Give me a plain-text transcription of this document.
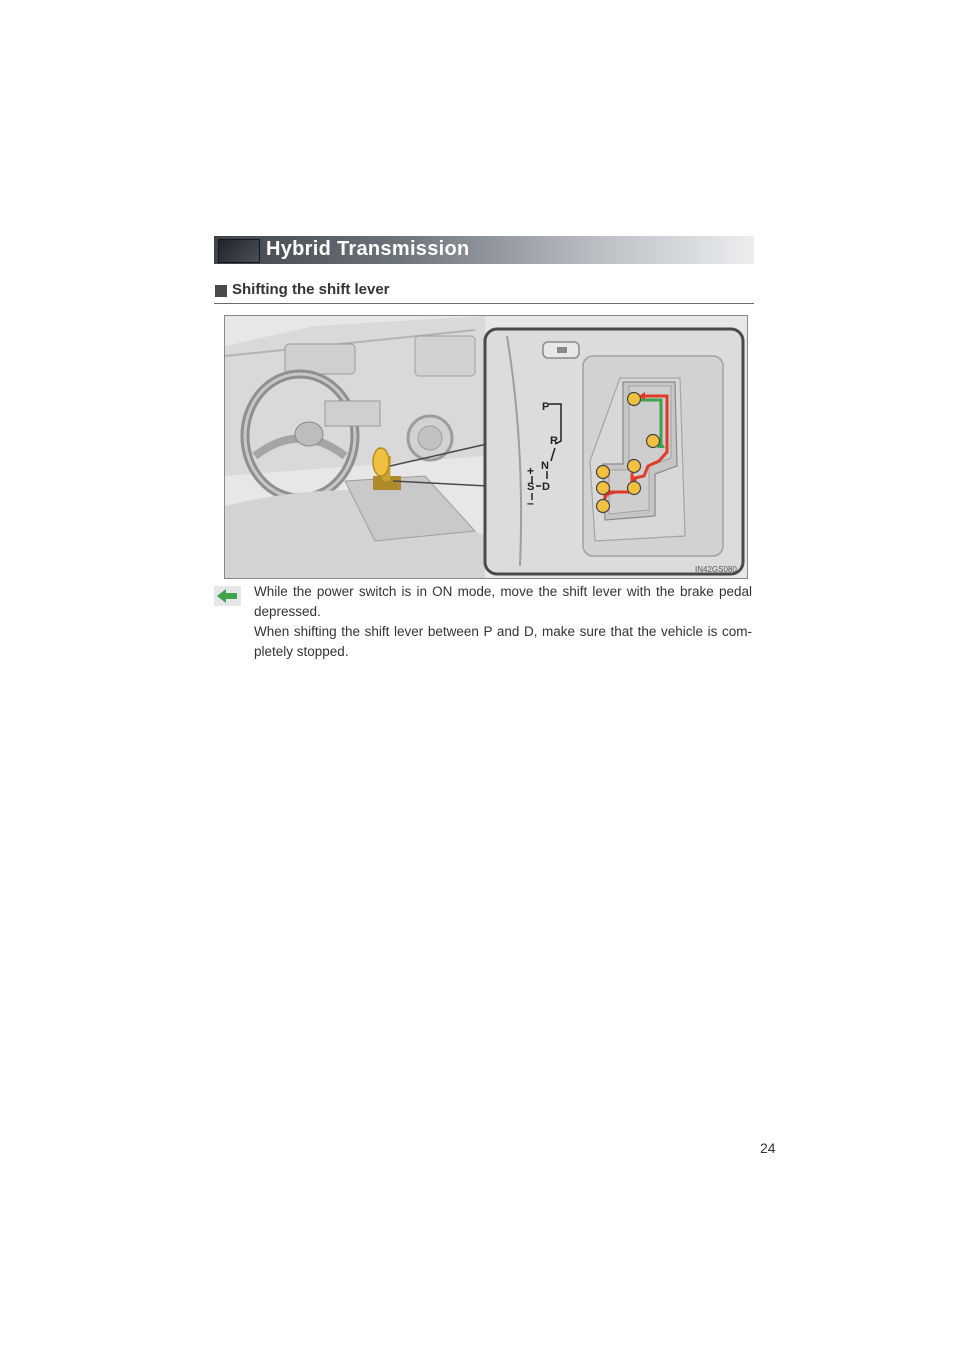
Hybrid Transmission
Shifting the shift lever
P
R
N
D
S
+
–
IN42GS080

While the power switch is in ON mode, move the shift lever with the brake pedal depressed.
When shifting the shift lever between P and D, make sure that the vehicle is com-pletely stopped.

24
